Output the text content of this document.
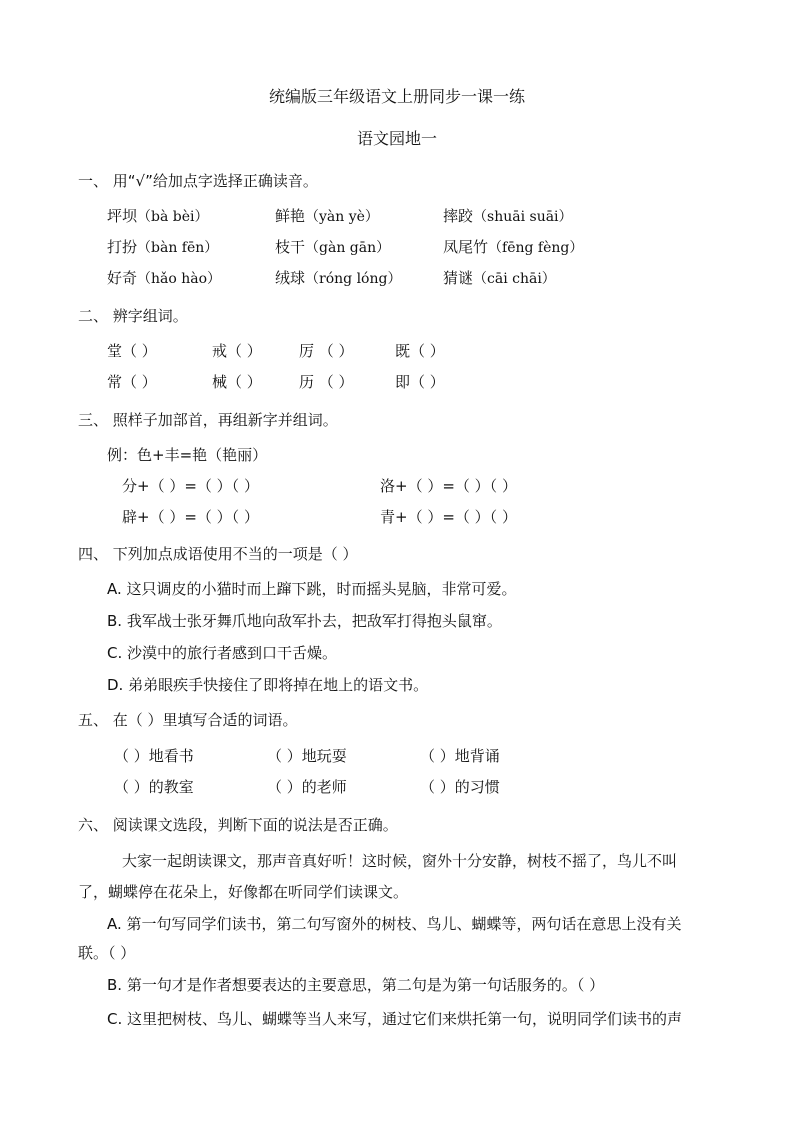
统编版三年级语文上册同步一课一练
语文园地一
一、 用“√”给加点字选择正确读音。
坪坝（bà bèi）	鲜艳（yàn yè）	摔跤（shuāi suāi）
打扮（bàn fēn）	枝干（gàn gān）	凤尾竹（fēng fèng）
好奇（hǎo hào）	绒球（róng lóng）	猜谜（cāi chāi）
二、 辨字组词。
堂（ ）	戒（ ） 厉 （ ）	既（ ）
常（ ）	械（ ） 历 （ ）	即（ ）
三、 照样子加部首，再组新字并组词。
例：色+丰=艳（艳丽）
分+（ ）=（ ）（ ）	洛+（ ）=（ ）（ ）
辟+（ ）=（ ）（ ）	青+（ ）=（ ）（ ）
四、 下列加点成语使用不当的一项是（ ）
A. 这只调皮的小猫时而上蹿下跳，时而摇头晃脑，非常可爱。
B. 我军战士张牙舞爪地向敌军扑去，把敌军打得抱头鼠窜。
C. 沙漠中的旅行者感到口干舌燥。
D. 弟弟眼疾手快接住了即将掉在地上的语文书。
五、 在（ ）里填写合适的词语。
（ ）地看书	（ ）地玩耍	（ ）地背诵
（ ）的教室	（ ）的老师	（ ）的习惯
六、 阅读课文选段，判断下面的说法是否正确。
大家一起朗读课文，那声音真好听！这时候，窗外十分安静，树枝不摇了，鸟儿不叫
了，蝴蝶停在花朵上，好像都在听同学们读课文。
A. 第一句写同学们读书，第二句写窗外的树枝、鸟儿、蝴蝶等，两句话在意思上没有关
联。（ ）
B. 第一句才是作者想要表达的主要意思，第二句是为第一句话服务的。（ ）
C. 这里把树枝、鸟儿、蝴蝶等当人来写，通过它们来烘托第一句，说明同学们读书的声
